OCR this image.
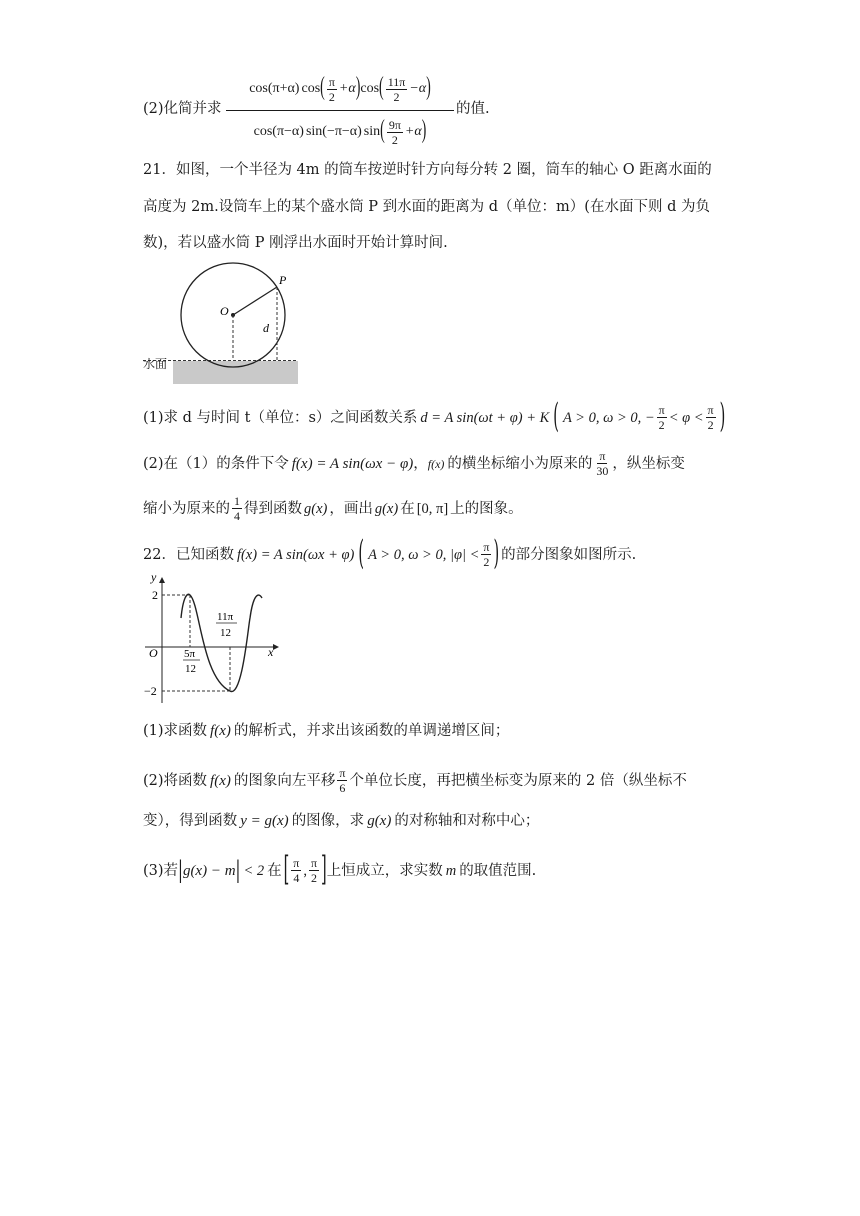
(2)化简并求
cos(π+α) cos ( $\frac{\pi}{2} +\alpha$ ) cos ( $\frac{11\pi}{2} -\alpha$ )
cos(π−α) sin(−π−α) sin ( $\frac{9\pi}{2} +\alpha$ )
的值.
21．如图，一个半径为 4m 的筒车按逆时针方向每分转 2 圈，筒车的轴心 O 距离水面的
高度为 2m.设筒车上的某个盛水筒 P 到水面的距离为 d（单位：m）(在水面下则 d 为负
数)，若以盛水筒 P 刚浮出水面时开始计算时间.
P
O
d
水面
(1)求 d 与时间 t（单位：s）之间函数关系 d = A sin(ωt + φ) + K ( A > 0, ω > 0, − $\frac{\pi}{2} < \varphi < \frac{\pi}{2}$ )
(2)在（1）的条件下令 f(x) = A sin(ωx − φ) ， f(x) 的横坐标缩小为原来的 $\frac{\pi}{30}$ ，纵坐标变
缩小为原来的 $\frac{1}{4}$ 得到函数 g(x) ，画出 g(x) 在 [0, π] 上的图象。
22．已知函数 f(x) = A sin(ωx + φ) ( A > 0, ω > 0, $|\varphi| < \frac{\pi}{2}$ ) 的部分图象如图所示.
y
x
O
2
−2
5π
12
11π
12
(1)求函数 f(x) 的解析式，并求出该函数的单调递增区间；
(2)将函数 f(x) 的图象向左平移 $\frac{\pi}{6}$ 个单位长度，再把横坐标变为原来的 2 倍（纵坐标不
变），得到函数 y = g(x) 的图像，求 g(x) 的对称轴和对称中心；
(3)若 | g(x) − m | < 2 在 [ $\frac{\pi}{4}$ , $\frac{\pi}{2}$ ] 上恒成立，求实数 m 的取值范围.
